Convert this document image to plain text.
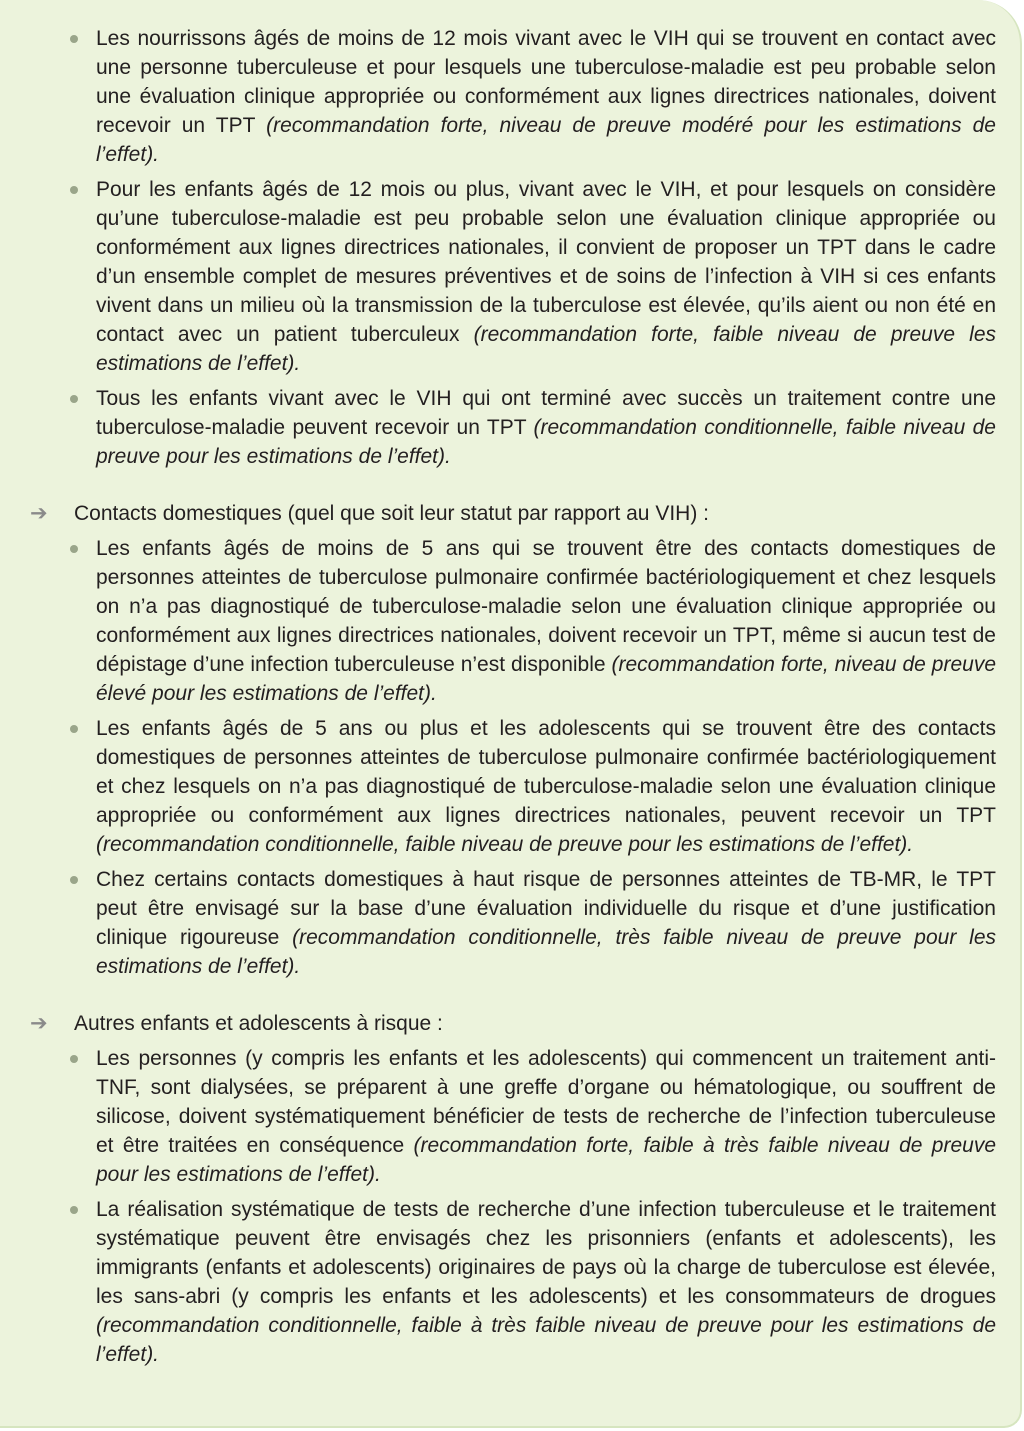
Les nourrissons âgés de moins de 12 mois vivant avec le VIH qui se trouvent en contact avec une personne tuberculeuse et pour lesquels une tuberculose-maladie est peu probable selon une évaluation clinique appropriée ou conformément aux lignes directrices nationales, doivent recevoir un TPT (recommandation forte, niveau de preuve modéré pour les estimations de l’effet).
Pour les enfants âgés de 12 mois ou plus, vivant avec le VIH, et pour lesquels on considère qu’une tuberculose-maladie est peu probable selon une évaluation clinique appropriée ou conformément aux lignes directrices nationales, il convient de proposer un TPT dans le cadre d’un ensemble complet de mesures préventives et de soins de l’infection à VIH si ces enfants vivent dans un milieu où la transmission de la tuberculose est élevée, qu’ils aient ou non été en contact avec un patient tuberculeux (recommandation forte, faible niveau de preuve les estimations de l’effet).
Tous les enfants vivant avec le VIH qui ont terminé avec succès un traitement contre une tuberculose-maladie peuvent recevoir un TPT (recommandation conditionnelle, faible niveau de preuve pour les estimations de l’effet).
➔ Contacts domestiques (quel que soit leur statut par rapport au VIH) :
Les enfants âgés de moins de 5 ans qui se trouvent être des contacts domestiques de personnes atteintes de tuberculose pulmonaire confirmée bactériologiquement et chez lesquels on n’a pas diagnostiqué de tuberculose-maladie selon une évaluation clinique appropriée ou conformément aux lignes directrices nationales, doivent recevoir un TPT, même si aucun test de dépistage d’une infection tuberculeuse n’est disponible (recommandation forte, niveau de preuve élevé pour les estimations de l’effet).
Les enfants âgés de 5 ans ou plus et les adolescents qui se trouvent être des contacts domestiques de personnes atteintes de tuberculose pulmonaire confirmée bactériologiquement et chez lesquels on n’a pas diagnostiqué de tuberculose-maladie selon une évaluation clinique appropriée ou conformément aux lignes directrices nationales, peuvent recevoir un TPT (recommandation conditionnelle, faible niveau de preuve pour les estimations de l’effet).
Chez certains contacts domestiques à haut risque de personnes atteintes de TB-MR, le TPT peut être envisagé sur la base d’une évaluation individuelle du risque et d’une justification clinique rigoureuse (recommandation conditionnelle, très faible niveau de preuve pour les estimations de l’effet).
➔ Autres enfants et adolescents à risque :
Les personnes (y compris les enfants et les adolescents) qui commencent un traitement anti-TNF, sont dialysées, se préparent à une greffe d’organe ou hématologique, ou souffrent de silicose, doivent systématiquement bénéficier de tests de recherche de l’infection tuberculeuse et être traitées en conséquence (recommandation forte, faible à très faible niveau de preuve pour les estimations de l’effet).
La réalisation systématique de tests de recherche d’une infection tuberculeuse et le traitement systématique peuvent être envisagés chez les prisonniers (enfants et adolescents), les immigrants (enfants et adolescents) originaires de pays où la charge de tuberculose est élevée, les sans-abri (y compris les enfants et les adolescents) et les consommateurs de drogues (recommandation conditionnelle, faible à très faible niveau de preuve pour les estimations de l’effet).
